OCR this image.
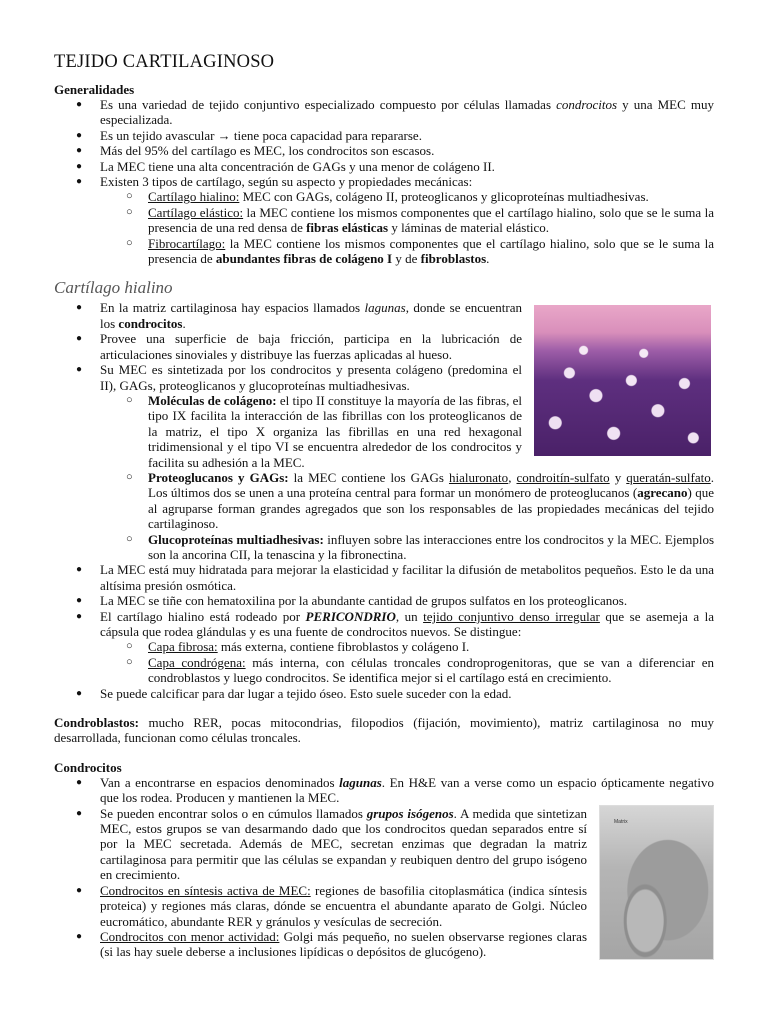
Matrix
TEJIDO CARTILAGINOSO
Generalidades
● Es una variedad de tejido conjuntivo especializado compuesto por células llamadas condrocitos y una MEC muy especializada.
● Es un tejido avascular → tiene poca capacidad para repararse.
● Más del 95% del cartílago es MEC, los condrocitos son escasos.
● La MEC tiene una alta concentración de GAGs y una menor de colágeno II.
● Existen 3 tipos de cartílago, según su aspecto y propiedades mecánicas:
○ Cartílago hialino: MEC con GAGs, colágeno II, proteoglicanos y glicoproteínas multiadhesivas.
○ Cartílago elástico: la MEC contiene los mismos componentes que el cartílago hialino, solo que se le suma la presencia de una red densa de fibras elásticas y láminas de material elástico.
○ Fibrocartílago: la MEC contiene los mismos componentes que el cartílago hialino, solo que se le suma la presencia de abundantes fibras de colágeno I y de fibroblastos.
Cartílago hialino
● En la matriz cartilaginosa hay espacios llamados lagunas, donde se encuentran los condrocitos.
● Provee una superficie de baja fricción, participa en la lubricación de articulaciones sinoviales y distribuye las fuerzas aplicadas al hueso.
● Su MEC es sintetizada por los condrocitos y presenta colágeno (predomina el II), GAGs, proteoglicanos y glucoproteínas multiadhesivas.
○ Moléculas de colágeno: el tipo II constituye la mayoría de las fibras, el tipo IX facilita la interacción de las fibrillas con los proteoglicanos de la matriz, el tipo X organiza las fibrillas en una red hexagonal tridimensional y el tipo VI se encuentra alrededor de los condrocitos y facilita su adhesión a la MEC.
○ Proteoglucanos y GAGs: la MEC contiene los GAGs hialuronato, condroitín-sulfato y queratán-sulfato. Los últimos dos se unen a una proteína central para formar un monómero de proteoglucanos (agrecano) que al agruparse forman grandes agregados que son los responsables de las propiedades mecánicas del tejido cartilaginoso.
○ Glucoproteínas multiadhesivas: influyen sobre las interacciones entre los condrocitos y la MEC. Ejemplos son la ancorina CII, la tenascina y la fibronectina.
● La MEC está muy hidratada para mejorar la elasticidad y facilitar la difusión de metabolitos pequeños. Esto le da una altísima presión osmótica.
● La MEC se tiñe con hematoxilina por la abundante cantidad de grupos sulfatos en los proteoglicanos.
● El cartílago hialino está rodeado por PERICONDRIO, un tejido conjuntivo denso irregular que se asemeja a la cápsula que rodea glándulas y es una fuente de condrocitos nuevos. Se distingue:
○ Capa fibrosa: más externa, contiene fibroblastos y colágeno I.
○ Capa condrógena: más interna, con células troncales condroprogenitoras, que se van a diferenciar en condroblastos y luego condrocitos. Se identifica mejor si el cartílago está en crecimiento.
● Se puede calcificar para dar lugar a tejido óseo. Esto suele suceder con la edad.
Condroblastos: mucho RER, pocas mitocondrias, filopodios (fijación, movimiento), matriz cartilaginosa no muy desarrollada, funcionan como células troncales.
Condrocitos
● Van a encontrarse en espacios denominados lagunas. En H&E van a verse como un espacio ópticamente negativo que los rodea. Producen y mantienen la MEC.
● Se pueden encontrar solos o en cúmulos llamados grupos isógenos. A medida que sintetizan MEC, estos grupos se van desarmando dado que los condrocitos quedan separados entre sí por la MEC secretada. Además de MEC, secretan enzimas que degradan la matriz cartilaginosa para permitir que las células se expandan y reubiquen dentro del grupo isógeno en crecimiento.
● Condrocitos en síntesis activa de MEC: regiones de basofilia citoplasmática (indica síntesis proteica) y regiones más claras, dónde se encuentra el abundante aparato de Golgi. Núcleo eucromático, abundante RER y gránulos y vesículas de secreción.
● Condrocitos con menor actividad: Golgi más pequeño, no suelen observarse regiones claras (si las hay suele deberse a inclusiones lipídicas o depósitos de glucógeno).
